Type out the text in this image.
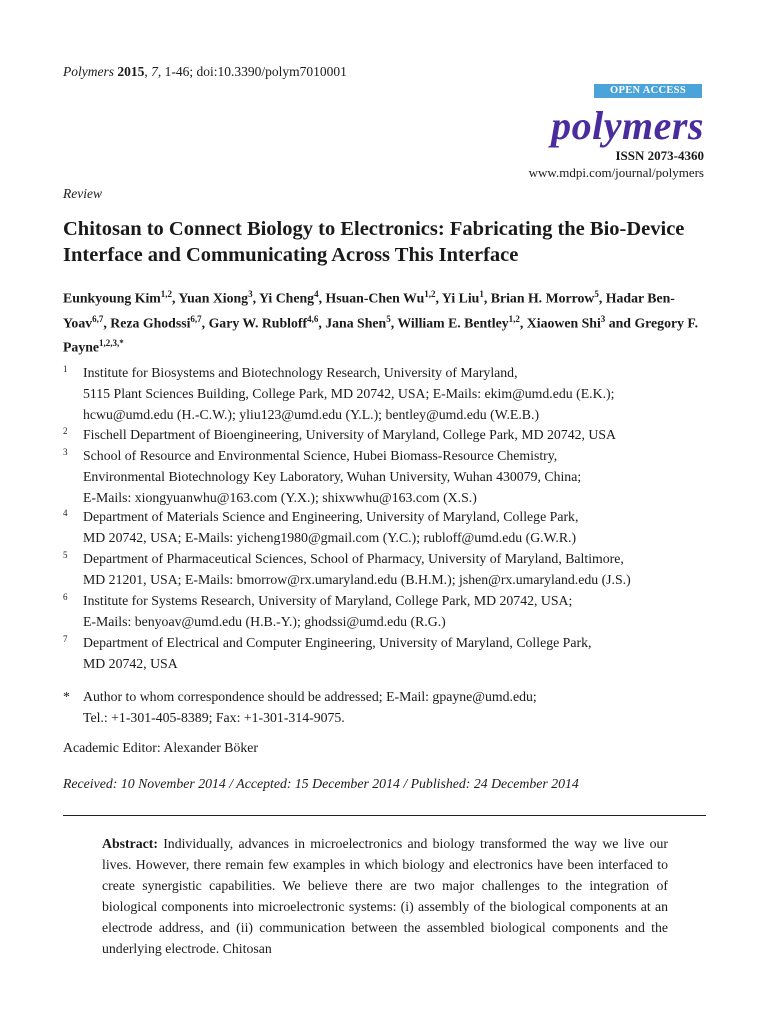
Polymers 2015, 7, 1-46; doi:10.3390/polym7010001
OPEN ACCESS
polymers
ISSN 2073-4360
www.mdpi.com/journal/polymers
Review
Chitosan to Connect Biology to Electronics: Fabricating the Bio-Device Interface and Communicating Across This Interface
Eunkyoung Kim$^{1,2}$, Yuan Xiong$^3$, Yi Cheng$^4$, Hsuan-Chen Wu$^{1,2}$, Yi Liu$^1$, Brian H. Morrow$^5$, Hadar Ben-Yoav$^{6,7}$, Reza Ghodssi$^{6,7}$, Gary W. Rubloff$^{4,6}$, Jana Shen$^5$, William E. Bentley$^{1,2}$, Xiaowen Shi$^3$ and Gregory F. Payne$^{1,2,3,*}$
1 Institute for Biosystems and Biotechnology Research, University of Maryland,
5115 Plant Sciences Building, College Park, MD 20742, USA; E-Mails: ekim@umd.edu (E.K.);
hcwu@umd.edu (H.-C.W.); yliu123@umd.edu (Y.L.); bentley@umd.edu (W.E.B.)
2 Fischell Department of Bioengineering, University of Maryland, College Park, MD 20742, USA
3 School of Resource and Environmental Science, Hubei Biomass-Resource Chemistry,
Environmental Biotechnology Key Laboratory, Wuhan University, Wuhan 430079, China;
E-Mails: xiongyuanwhu@163.com (Y.X.); shixwwhu@163.com (X.S.)
4 Department of Materials Science and Engineering, University of Maryland, College Park,
MD 20742, USA; E-Mails: yicheng1980@gmail.com (Y.C.); rubloff@umd.edu (G.W.R.)
5 Department of Pharmaceutical Sciences, School of Pharmacy, University of Maryland, Baltimore,
MD 21201, USA; E-Mails: bmorrow@rx.umaryland.edu (B.H.M.); jshen@rx.umaryland.edu (J.S.)
6 Institute for Systems Research, University of Maryland, College Park, MD 20742, USA;
E-Mails: benyoav@umd.edu (H.B.-Y.); ghodssi@umd.edu (R.G.)
7 Department of Electrical and Computer Engineering, University of Maryland, College Park,
MD 20742, USA
* Author to whom correspondence should be addressed; E-Mail: gpayne@umd.edu;
Tel.: +1-301-405-8389; Fax: +1-301-314-9075.
Academic Editor: Alexander Böker
Received: 10 November 2014 / Accepted: 15 December 2014 / Published: 24 December 2014
Abstract: Individually, advances in microelectronics and biology transformed the way we live our lives. However, there remain few examples in which biology and electronics have been interfaced to create synergistic capabilities. We believe there are two major challenges to the integration of biological components into microelectronic systems: (i) assembly of the biological components at an electrode address, and (ii) communication between the assembled biological components and the underlying electrode. Chitosan
